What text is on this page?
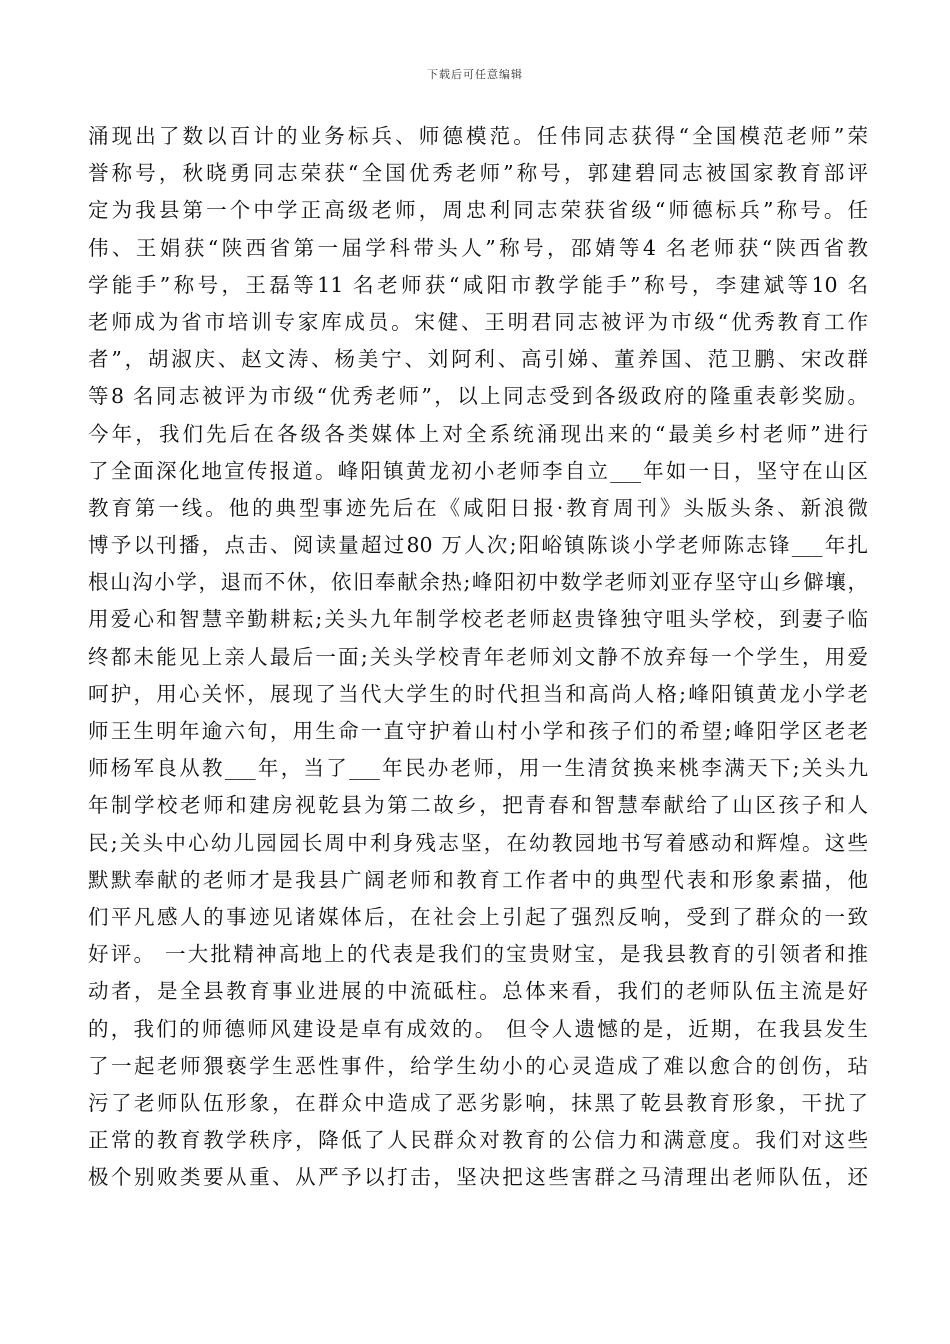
下载后可任意编辑
涌现出了数以百计的业务标兵、师德模范。任伟同志获得“全国模范老师”荣
誉称号，秋晓勇同志荣获“全国优秀老师”称号，郭建碧同志被国家教育部评
定为我县第一个中学正高级老师，周忠利同志荣获省级“师德标兵”称号。任
伟、王娟获“陕西省第一届学科带头人”称号，邵婧等4 名老师获“陕西省教
学能手”称号，王磊等11 名老师获“咸阳市教学能手”称号，李建斌等10 名
老师成为省市培训专家库成员。宋健、王明君同志被评为市级“优秀教育工作
者”，胡淑庆、赵文涛、杨美宁、刘阿利、高引娣、董养国、范卫鹏、宋改群
等8 名同志被评为市级“优秀老师”，以上同志受到各级政府的隆重表彰奖励。
今年，我们先后在各级各类媒体上对全系统涌现出来的“最美乡村老师”进行
了全面深化地宣传报道。峰阳镇黄龙初小老师李自立___年如一日，坚守在山区
教育第一线。他的典型事迹先后在《咸阳日报·教育周刊》头版头条、新浪微
博予以刊播，点击、阅读量超过80 万人次;阳峪镇陈谈小学老师陈志锋___年扎
根山沟小学，退而不休，依旧奉献余热;峰阳初中数学老师刘亚存坚守山乡僻壤，
用爱心和智慧辛勤耕耘;关头九年制学校老老师赵贵锋独守咀头学校，到妻子临
终都未能见上亲人最后一面;关头学校青年老师刘文静不放弃每一个学生，用爱
呵护，用心关怀，展现了当代大学生的时代担当和高尚人格;峰阳镇黄龙小学老
师王生明年逾六旬，用生命一直守护着山村小学和孩子们的希望;峰阳学区老老
师杨军良从教___年，当了___年民办老师，用一生清贫换来桃李满天下;关头九
年制学校老师和建房视乾县为第二故乡，把青春和智慧奉献给了山区孩子和人
民;关头中心幼儿园园长周中利身残志坚，在幼教园地书写着感动和辉煌。这些
默默奉献的老师才是我县广阔老师和教育工作者中的典型代表和形象素描，他
们平凡感人的事迹见诸媒体后，在社会上引起了强烈反响，受到了群众的一致
好评。 一大批精神高地上的代表是我们的宝贵财宝，是我县教育的引领者和推
动者，是全县教育事业进展的中流砥柱。总体来看，我们的老师队伍主流是好
的，我们的师德师风建设是卓有成效的。 但令人遗憾的是，近期，在我县发生
了一起老师猥亵学生恶性事件，给学生幼小的心灵造成了难以愈合的创伤，玷
污了老师队伍形象，在群众中造成了恶劣影响，抹黑了乾县教育形象，干扰了
正常的教育教学秩序，降低了人民群众对教育的公信力和满意度。我们对这些
极个别败类要从重、从严予以打击，坚决把这些害群之马清理出老师队伍，还
